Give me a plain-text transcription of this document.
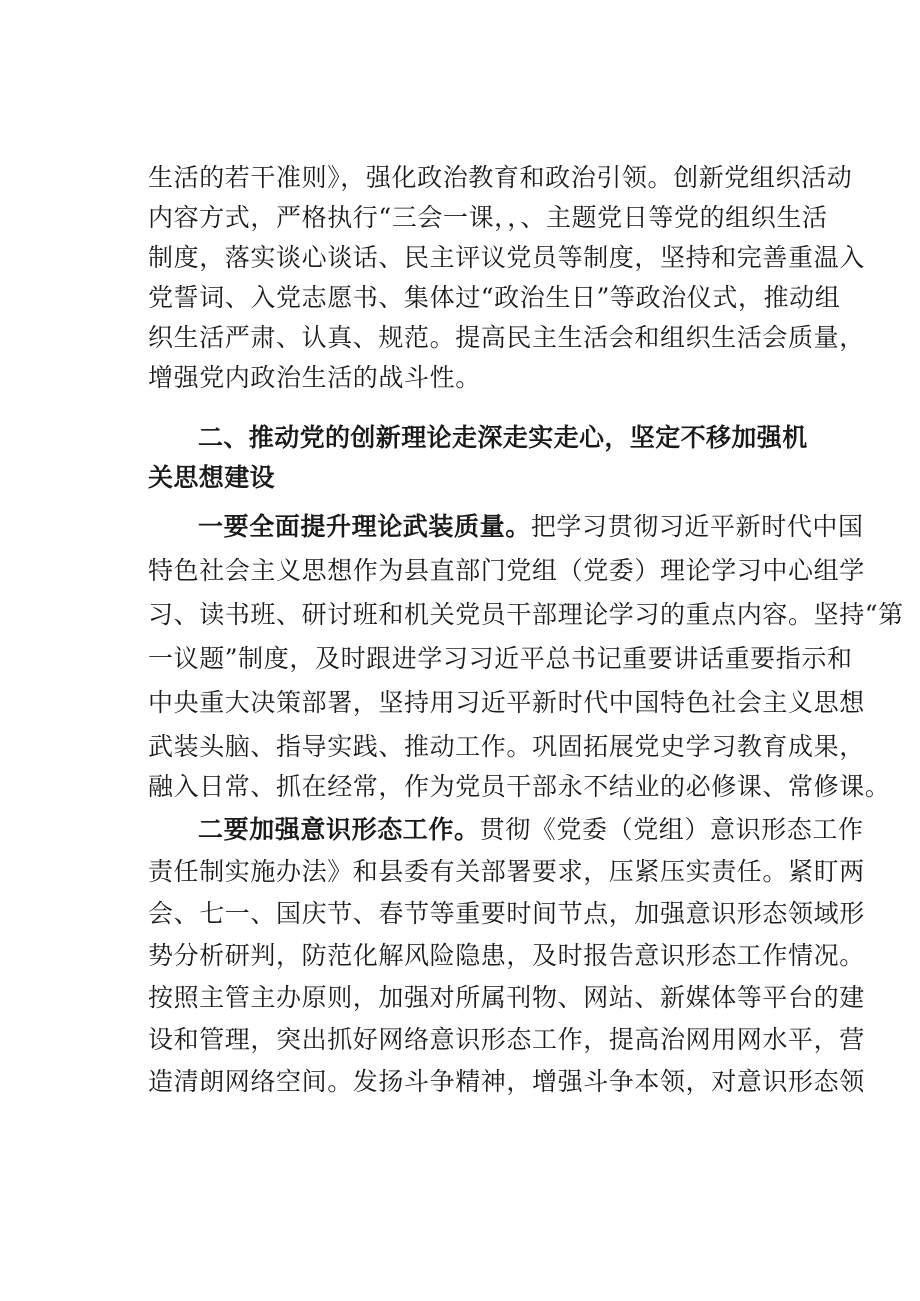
生活的若干准则》，强化政治教育和政治引领。创新党组织活动
内容方式，严格执行“三会一课，，、主题党日等党的组织生活
制度，落实谈心谈话、民主评议党员等制度，坚持和完善重温入
党誓词、入党志愿书、集体过“政治生日”等政治仪式，推动组
织生活严肃、认真、规范。提高民主生活会和组织生活会质量，
增强党内政治生活的战斗性。
二、推动党的创新理论走深走实走心，坚定不移加强机
关思想建设
一要全面提升理论武装质量。把学习贯彻习近平新时代中国
特色社会主义思想作为县直部门党组（党委）理论学习中心组学
习、读书班、研讨班和机关党员干部理论学习的重点内容。坚持“第
一议题”制度，及时跟进学习习近平总书记重要讲话重要指示和
中央重大决策部署，坚持用习近平新时代中国特色社会主义思想
武装头脑、指导实践、推动工作。巩固拓展党史学习教育成果，
融入日常、抓在经常，作为党员干部永不结业的必修课、常修课。
二要加强意识形态工作。贯彻《党委（党组）意识形态工作
责任制实施办法》和县委有关部署要求，压紧压实责任。紧盯两
会、七一、国庆节、春节等重要时间节点，加强意识形态领域形
势分析研判，防范化解风险隐患，及时报告意识形态工作情况。
按照主管主办原则，加强对所属刊物、网站、新媒体等平台的建
设和管理，突出抓好网络意识形态工作，提高治网用网水平，营
造清朗网络空间。发扬斗争精神，增强斗争本领，对意识形态领
